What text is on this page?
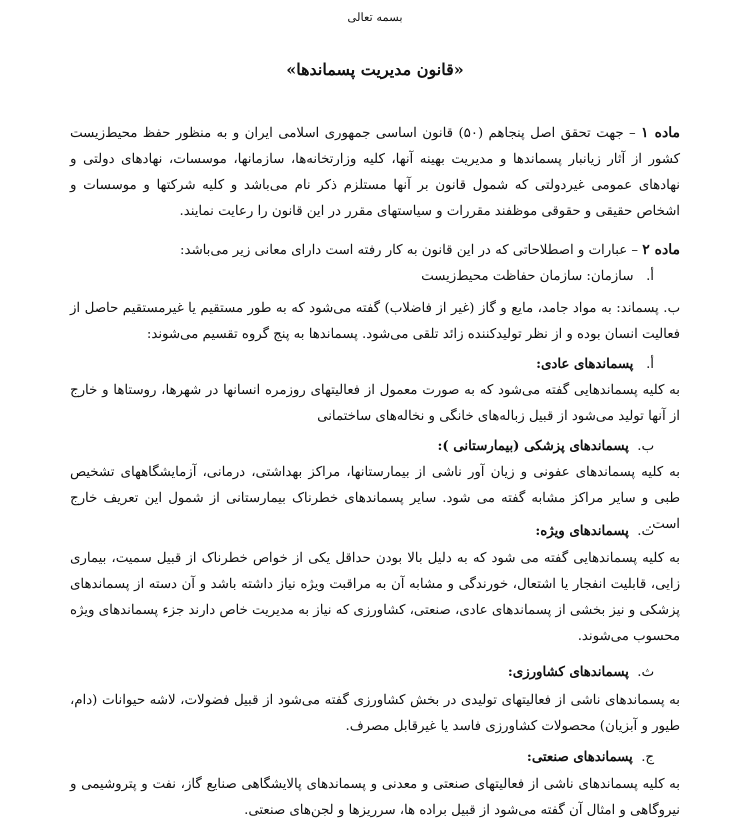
بسمه تعالی
«قانون مدیریت پسماندها»
ماده ۱ – جهت تحقق اصل پنجاهم (۵۰) قانون اساسی جمهوری اسلامی ایران و به منظور حفظ محیط‌زیست کشور از آثار زیانبار پسماندها و مدیریت بهینه آنها، کلیه وزارتخانه‌ها، سازمانها، موسسات، نهادهای دولتی و نهادهای عمومی غیردولتی که شمول قانون بر آنها مستلزم ذکر نام می‌باشد و کلیه شرکتها و موسسات و اشخاص حقیقی و حقوقی موظفند مقررات و سیاستهای مقرر در این قانون را رعایت نمایند.
ماده ۲ – عبارات و اصطلاحاتی که در این قانون به کار رفته است دارای معانی زیر می‌باشد:
أ.   سازمان: سازمان حفاظت محیط‌زیست
ب. پسماند: به مواد جامد، مایع و گاز (غیر از فاضلاب) گفته می‌شود که به طور مستقیم یا غیرمستقیم حاصل از فعالیت انسان بوده و از نظر تولیدکننده زائد تلقی می‌شود. پسماندها به پنج گروه تقسیم می‌شوند:
أ.   پسماندهای عادی:
به کلیه پسماندهایی گفته می‌شود که به صورت معمول از فعالیتهای روزمره انسانها در شهرها، روستاها و خارج از آنها تولید می‌شود از قبیل زباله‌های خانگی و نخاله‌های ساختمانی
ب.  پسماندهای پزشکی (بیمارستانی ):
به کلیه پسماندهای عفونی و زیان آور ناشی از بیمارستانها، مراکز بهداشتی، درمانی، آزمایشگاههای تشخیص طبی و سایر مراکز مشابه گفته می شود. سایر پسماندهای خطرناک بیمارستانی از شمول این تعریف خارج است.
ت.  پسماندهای ویژه:
به کلیه پسماندهایی گفته می شود که به دلیل بالا بودن حداقل یکی از خواص خطرناک از قبیل سمیت، بیماری زایی، قابلیت انفجار یا اشتعال، خورندگی و مشابه آن به مراقبت ویژه نیاز داشته باشد و آن دسته از پسماندهای پزشکی و نیز بخشی از پسماندهای عادی، صنعتی، کشاورزی که نیاز به مدیریت خاص دارند جزء پسماندهای ویژه محسوب می‌شوند.
ث.  پسماندهای کشاورزی:
به پسماندهای ناشی از فعالیتهای تولیدی در بخش کشاورزی گفته می‌شود از قبیل فضولات، لاشه حیوانات (دام، طیور و آبزیان) محصولات کشاورزی فاسد یا غیرقابل مصرف.
ج.  پسماندهای صنعتی:
به کلیه پسماندهای ناشی از فعالیتهای صنعتی و معدنی و پسماندهای پالایشگاهی صنایع گاز، نفت و پتروشیمی و نیروگاهی و امثال آن گفته می‌شود از قبیل براده ها، سرریزها و لجن‌های صنعتی.
